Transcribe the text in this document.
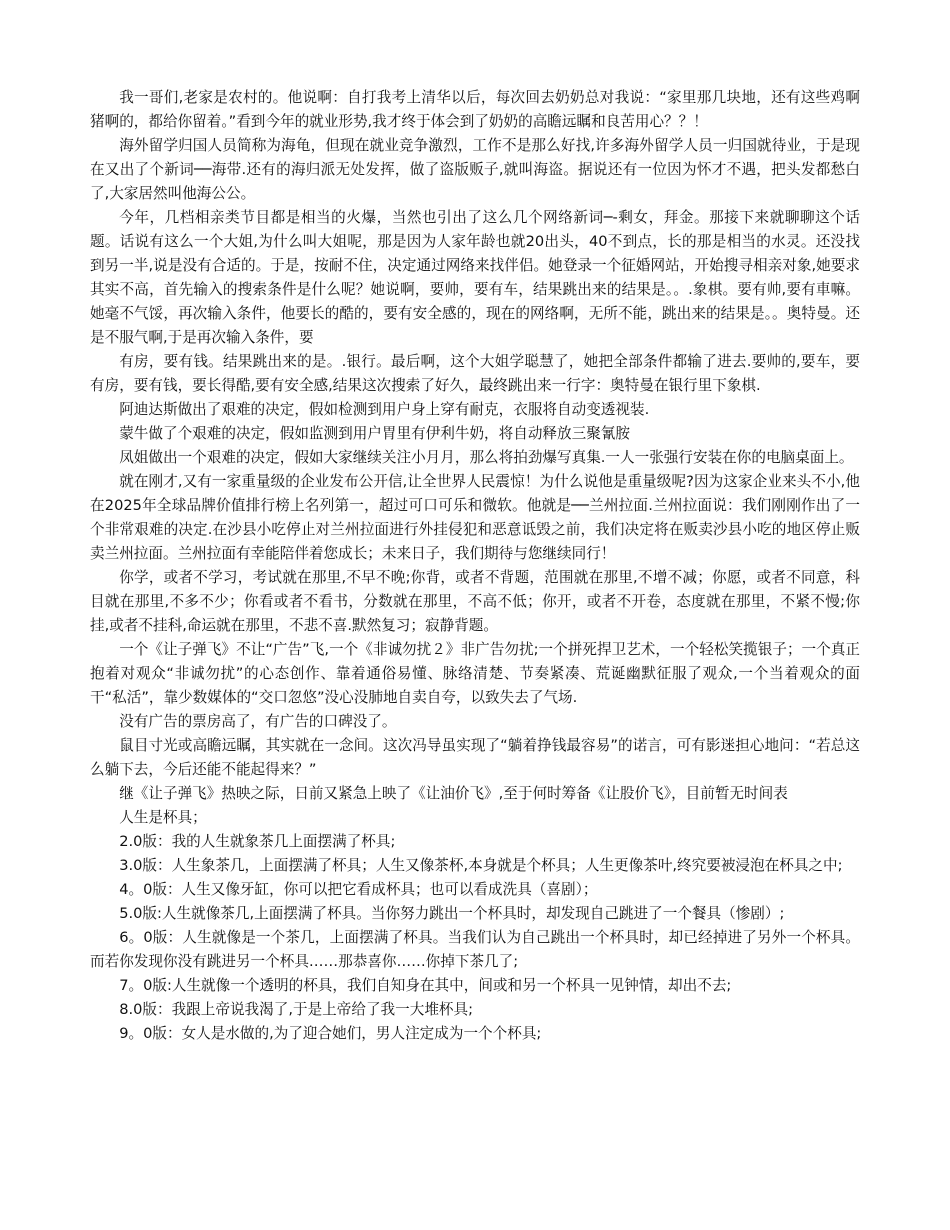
我一哥们,老家是农村的。他说啊：自打我考上清华以后，每次回去奶奶总对我说：“家里那几块地，还有这些鸡啊猪啊的，都给你留着。”看到今年的就业形势,我才终于体会到了奶奶的高瞻远瞩和良苦用心？？！

海外留学归国人员简称为海龟，但现在就业竞争激烈，工作不是那么好找,许多海外留学人员一归国就待业，于是现在又出了个新词──海带.还有的海归派无处发挥，做了盗版贩子,就叫海盗。据说还有一位因为怀才不遇，把头发都愁白了,大家居然叫他海公公。

今年，几档相亲类节目都是相当的火爆，当然也引出了这么几个网络新词─-剩女，拜金。那接下来就聊聊这个话题。话说有这么一个大姐,为什么叫大姐呢，那是因为人家年龄也就20出头，40不到点，长的那是相当的水灵。还没找到另一半,说是没有合适的。于是，按耐不住，决定通过网络来找伴侣。她登录一个征婚网站，开始搜寻相亲对象,她要求其实不高，首先输入的搜索条件是什么呢？她说啊，要帅，要有车，结果跳出来的结果是。。.象棋。要有帅,要有車嘛。她毫不气馁，再次输入条件，他要长的酷的，要有安全感的，现在的网络啊，无所不能，跳出来的结果是。。奥特曼。还是不服气啊,于是再次输入条件，要

有房，要有钱。结果跳出来的是。.银行。最后啊，这个大姐学聪慧了，她把全部条件都输了进去.要帅的,要车，要有房，要有钱，要长得酷,要有安全感,结果这次搜索了好久，最终跳出来一行字：奥特曼在银行里下象棋.

阿迪达斯做出了艰难的决定，假如检测到用户身上穿有耐克，衣服将自动变透视装.

蒙牛做了个艰难的决定，假如监测到用户胃里有伊利牛奶，将自动释放三聚氰胺

凤姐做出一个艰难的决定，假如大家继续关注小月月，那么将拍劲爆写真集.一人一张强行安装在你的电脑桌面上。

就在刚才,又有一家重量级的企业发布公开信,让全世界人民震惊！为什么说他是重量级呢?因为这家企业来头不小,他在2025年全球品牌价值排行榜上名列第一，超过可口可乐和微软。他就是──兰州拉面.兰州拉面说：我们刚刚作出了一个非常艰难的决定.在沙县小吃停止对兰州拉面进行外挂侵犯和恶意诋毁之前，我们决定将在贩卖沙县小吃的地区停止贩卖兰州拉面。兰州拉面有幸能陪伴着您成长；未来日子，我们期待与您继续同行！

你学，或者不学习，考试就在那里,不早不晚;你背，或者不背题，范围就在那里,不增不减；你愿，或者不同意，科目就在那里,不多不少；你看或者不看书，分数就在那里，不高不低；你开，或者不开卷，态度就在那里，不紧不慢;你挂,或者不挂科,命运就在那里，不悲不喜.默然复习；寂静背题。

一个《让子弹飞》不让“广告”飞,一个《非诚勿扰２》非广告勿扰;一个拼死捍卫艺术，一个轻松笑揽银子；一个真正抱着对观众“非诚勿扰”的心态创作、靠着通俗易懂、脉络清楚、节奏紧凑、荒诞幽默征服了观众,一个当着观众的面干“私活”，靠少数媒体的“交口忽悠”没心没肺地自卖自夸，以致失去了气场.

没有广告的票房高了，有广告的口碑没了。

鼠目寸光或高瞻远瞩，其实就在一念间。这次冯导虽实现了“躺着挣钱最容易”的诺言，可有影迷担心地问：“若总这么躺下去，今后还能不能起得来？”

继《让子弹飞》热映之际，日前又紧急上映了《让油价飞》,至于何时筹备《让股价飞》，目前暂无时间表

人生是杯具；

2.0版：我的人生就象茶几上面摆满了杯具;

3.0版：人生象茶几，上面摆满了杯具；人生又像茶杯,本身就是个杯具；人生更像茶叶,终究要被浸泡在杯具之中;

4。0版：人生又像牙缸，你可以把它看成杯具；也可以看成洗具（喜剧）；

5.0版:人生就像茶几,上面摆满了杯具。当你努力跳出一个杯具时，却发现自己跳进了一个餐具（惨剧）;

6。0版：人生就像是一个茶几，上面摆满了杯具。当我们认为自己跳出一个杯具时，却已经掉进了另外一个杯具。而若你发现你没有跳进另一个杯具……那恭喜你……你掉下茶几了;

7。0版:人生就像一个透明的杯具，我们自知身在其中，间或和另一个杯具一见钟情，却出不去;

8.0版：我跟上帝说我渴了,于是上帝给了我一大堆杯具;

9。0版：女人是水做的,为了迎合她们，男人注定成为一个个杯具;
